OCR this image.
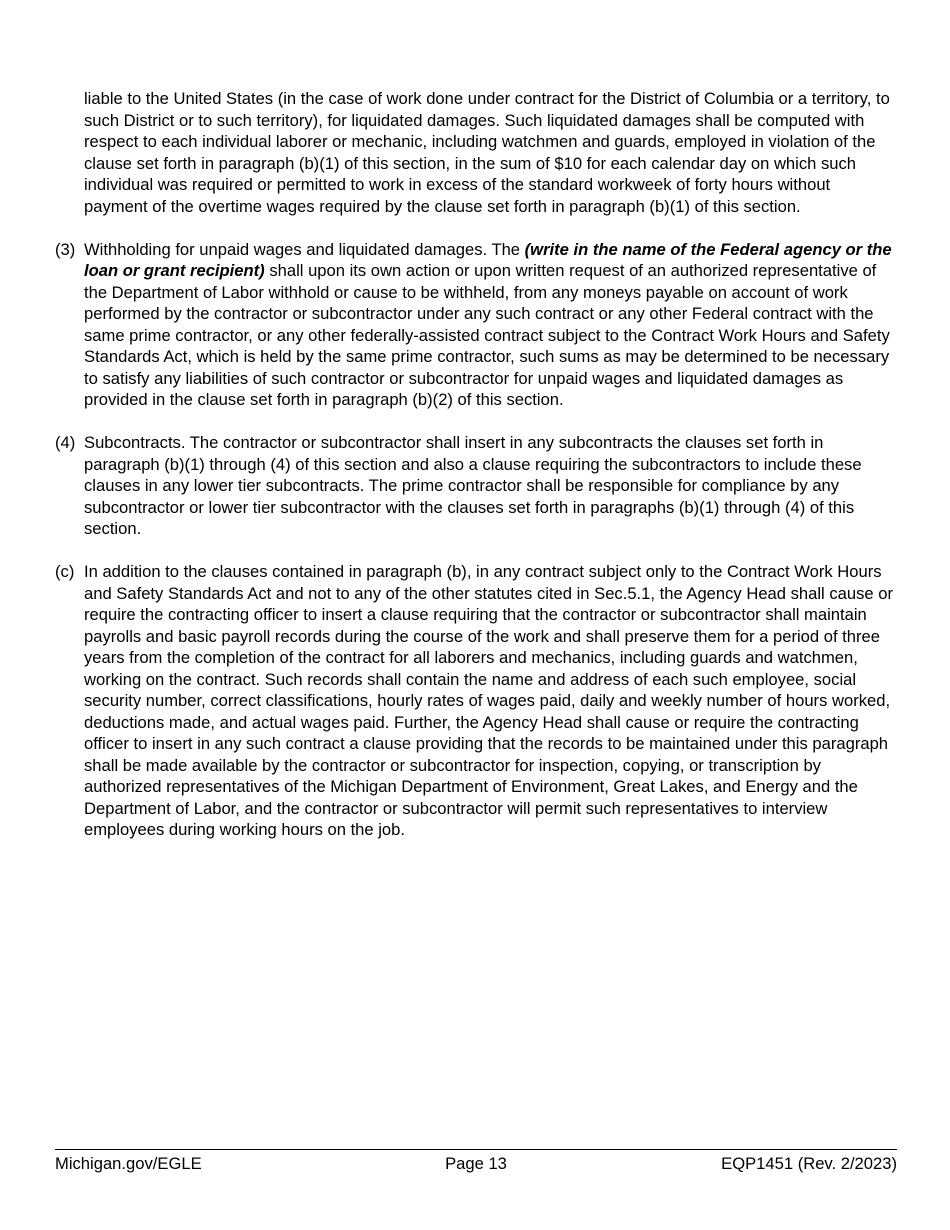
liable to the United States (in the case of work done under contract for the District of Columbia or a territory, to such District or to such territory), for liquidated damages. Such liquidated damages shall be computed with respect to each individual laborer or mechanic, including watchmen and guards, employed in violation of the clause set forth in paragraph (b)(1) of this section, in the sum of $10 for each calendar day on which such individual was required or permitted to work in excess of the standard workweek of forty hours without payment of the overtime wages required by the clause set forth in paragraph (b)(1) of this section.

(3) Withholding for unpaid wages and liquidated damages. The (write in the name of the Federal agency or the loan or grant recipient) shall upon its own action or upon written request of an authorized representative of the Department of Labor withhold or cause to be withheld, from any moneys payable on account of work performed by the contractor or subcontractor under any such contract or any other Federal contract with the same prime contractor, or any other federally-assisted contract subject to the Contract Work Hours and Safety Standards Act, which is held by the same prime contractor, such sums as may be determined to be necessary to satisfy any liabilities of such contractor or subcontractor for unpaid wages and liquidated damages as provided in the clause set forth in paragraph (b)(2) of this section.

(4) Subcontracts. The contractor or subcontractor shall insert in any subcontracts the clauses set forth in paragraph (b)(1) through (4) of this section and also a clause requiring the subcontractors to include these clauses in any lower tier subcontracts. The prime contractor shall be responsible for compliance by any subcontractor or lower tier subcontractor with the clauses set forth in paragraphs (b)(1) through (4) of this section.

(c) In addition to the clauses contained in paragraph (b), in any contract subject only to the Contract Work Hours and Safety Standards Act and not to any of the other statutes cited in Sec.5.1, the Agency Head shall cause or require the contracting officer to insert a clause requiring that the contractor or subcontractor shall maintain payrolls and basic payroll records during the course of the work and shall preserve them for a period of three years from the completion of the contract for all laborers and mechanics, including guards and watchmen, working on the contract. Such records shall contain the name and address of each such employee, social security number, correct classifications, hourly rates of wages paid, daily and weekly number of hours worked, deductions made, and actual wages paid. Further, the Agency Head shall cause or require the contracting officer to insert in any such contract a clause providing that the records to be maintained under this paragraph shall be made available by the contractor or subcontractor for inspection, copying, or transcription by authorized representatives of the Michigan Department of Environment, Great Lakes, and Energy and the Department of Labor, and the contractor or subcontractor will permit such representatives to interview employees during working hours on the job.

Michigan.gov/EGLE	Page 13	EQP1451 (Rev. 2/2023)
